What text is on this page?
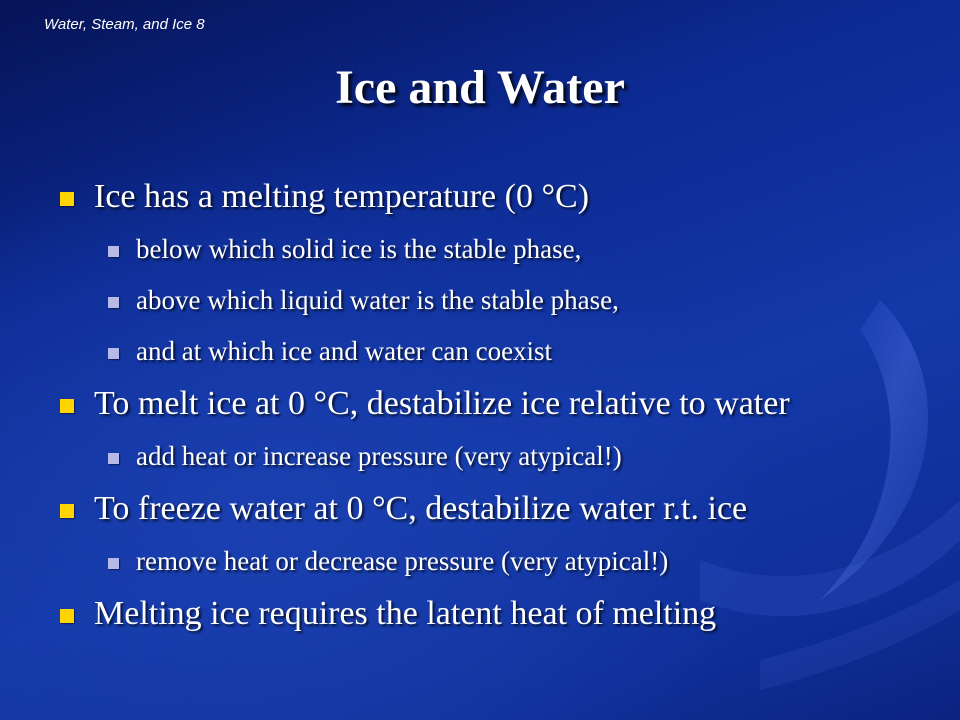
Water, Steam, and Ice 8
Ice and Water
Ice has a melting temperature (0 °C)
below which solid ice is the stable phase,
above which liquid water is the stable phase,
and at which ice and water can coexist
To melt ice at 0 °C, destabilize ice relative to water
add heat or increase pressure (very atypical!)
To freeze water at 0 °C, destabilize water r.t. ice
remove heat or decrease pressure (very atypical!)
Melting ice requires the latent heat of melting
